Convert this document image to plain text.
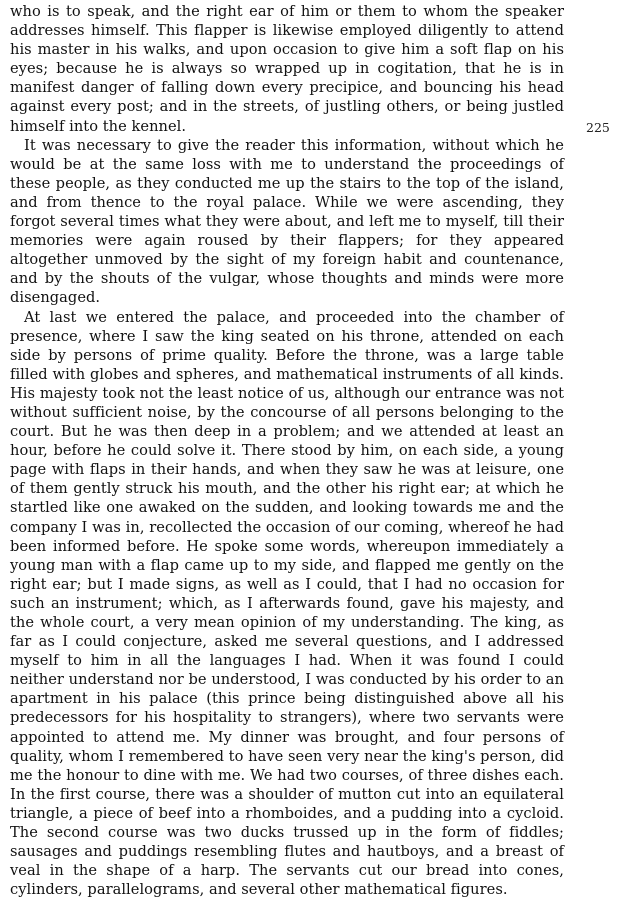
who is to speak, and the right ear of him or them to whom the speaker addresses himself. This flapper is likewise employed diligently to attend his master in his walks, and upon occasion to give him a soft flap on his eyes; because he is always so wrapped up in cogitation, that he is in manifest danger of falling down every precipice, and bouncing his head against every post; and in the streets, of justling others, or being justled himself into the kennel.

It was necessary to give the reader this information, without which he would be at the same loss with me to understand the proceedings of these people, as they conducted me up the stairs to the top of the island, and from thence to the royal palace. While we were ascending, they forgot several times what they were about, and left me to myself, till their memories were again roused by their flappers; for they appeared altogether unmoved by the sight of my foreign habit and countenance, and by the shouts of the vulgar, whose thoughts and minds were more disengaged.

At last we entered the palace, and proceeded into the chamber of presence, where I saw the king seated on his throne, attended on each side by persons of prime quality. Before the throne, was a large table filled with globes and spheres, and mathematical instruments of all kinds. His majesty took not the least notice of us, although our entrance was not without sufficient noise, by the concourse of all persons belonging to the court. But he was then deep in a problem; and we attended at least an hour, before he could solve it. There stood by him, on each side, a young page with flaps in their hands, and when they saw he was at leisure, one of them gently struck his mouth, and the other his right ear; at which he startled like one awaked on the sudden, and looking towards me and the company I was in, recollected the occasion of our coming, whereof he had been informed before. He spoke some words, whereupon immediately a young man with a flap came up to my side, and flapped me gently on the right ear; but I made signs, as well as I could, that I had no occasion for such an instrument; which, as I afterwards found, gave his majesty, and the whole court, a very mean opinion of my understanding. The king, as far as I could conjecture, asked me several questions, and I addressed myself to him in all the languages I had. When it was found I could neither understand nor be understood, I was conducted by his order to an apartment in his palace (this prince being distinguished above all his predecessors for his hospitality to strangers), where two servants were appointed to attend me. My dinner was brought, and four persons of quality, whom I remembered to have seen very near the king's person, did me the honour to dine with me. We had two courses, of three dishes each. In the first course, there was a shoulder of mutton cut into an equilateral triangle, a piece of beef into a rhomboides, and a pudding into a cycloid. The second course was two ducks trussed up in the form of fiddles; sausages and puddings resembling flutes and hautboys, and a breast of veal in the shape of a harp. The servants cut our bread into cones, cylinders, parallelograms, and several other mathematical figures.

225
